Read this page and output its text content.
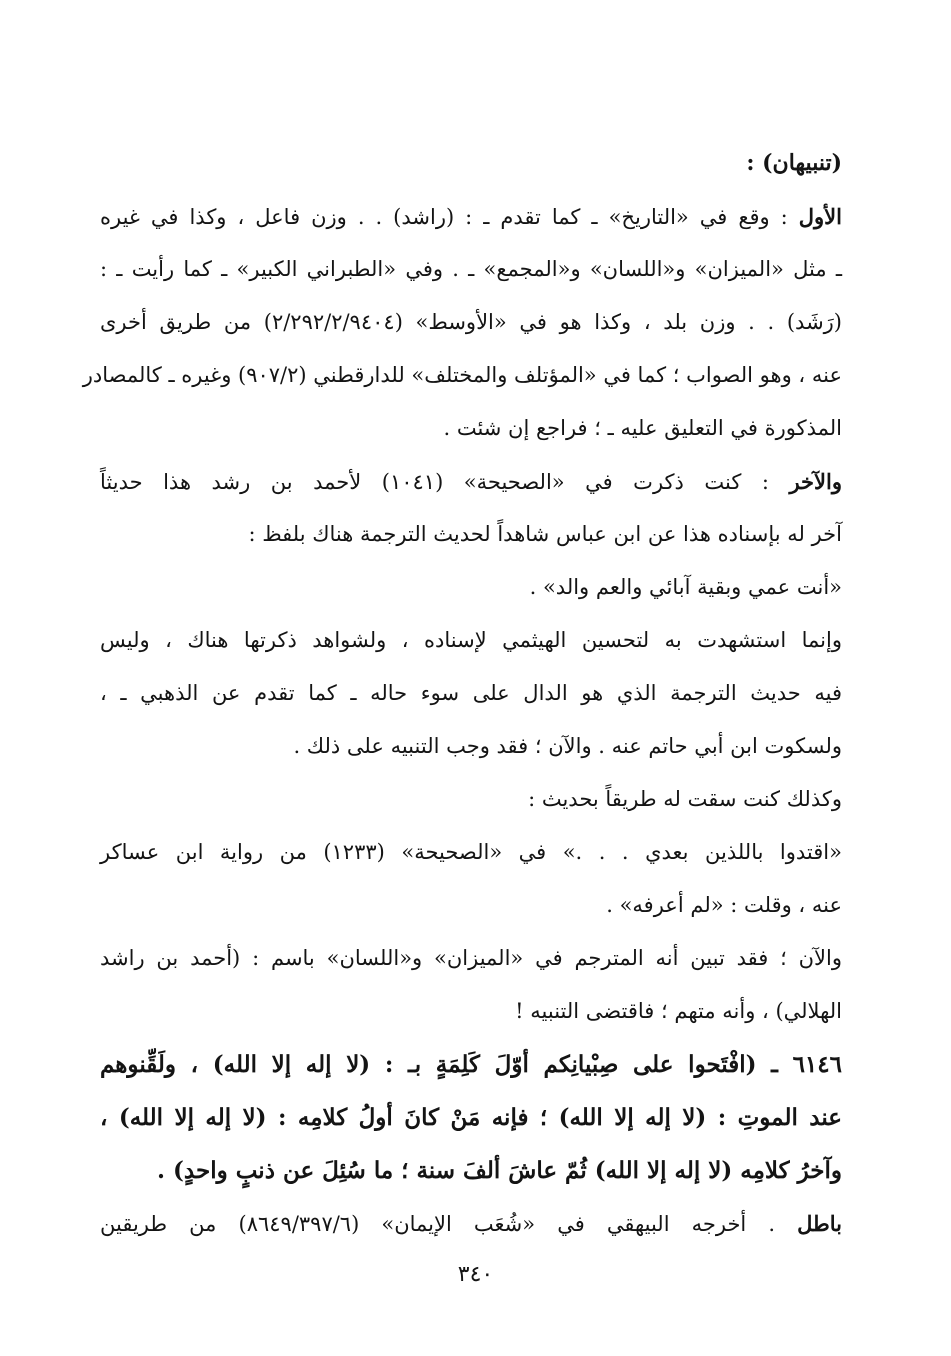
(تنبيهان) :
الأول : وقع في «التاريخ» ـ كما تقدم ـ : (راشد) . . وزن فاعل ، وكذا في غيره
ـ مثل «الميزان» و«اللسان» و«المجمع» ـ . وفي «الطبراني الكبير» ـ كما رأيت ـ :
(رَشَد) . . وزن بلد ، وكذا هو في «الأوسط» (٢/٢٩٢/٢/٩٤٠٤) من طريق أخرى
عنه ، وهو الصواب ؛ كما في «المؤتلف والمختلف» للدارقطني (٩٠٧/٢) وغيره ـ كالمصادر
المذكورة في التعليق عليه ـ ؛ فراجع إن شئت .
والآخر : كنت ذكرت في «الصحيحة» (١٠٤١) لأحمد بن رشد هذا حديثاً
آخر له بإسناده هذا عن ابن عباس شاهداً لحديث الترجمة هناك بلفظ :
«أنت عمي وبقية آبائي والعم والد» .
وإنما استشهدت به لتحسين الهيثمي لإسناده ، ولشواهد ذكرتها هناك ، وليس
فيه حديث الترجمة الذي هو الدال على سوء حاله ـ كما تقدم عن الذهبي ـ ،
ولسكوت ابن أبي حاتم عنه . والآن ؛ فقد وجب التنبيه على ذلك .
وكذلك كنت سقت له طريقاً بحديث :
«اقتدوا باللذين بعدي . . .» في «الصحيحة» (١٢٣٣) من رواية ابن عساكر
عنه ، وقلت : «لم أعرفه» .
والآن ؛ فقد تبين أنه المترجم في «الميزان» و«اللسان» باسم : (أحمد بن راشد
الهلالي) ، وأنه متهم ؛ فاقتضى التنبيه !
٦١٤٦ ـ (افْتَحوا على صِبْيانِكم أوّلَ كَلِمَةٍ بـ : (لا إله إلا الله) ، ولَقِّنوهم
عند الموتِ : (لا إله إلا الله) ؛ فإنه مَنْ كانَ أولُ كلامِه : (لا إله إلا الله) ،
وآخرُ كلامِه (لا إله إلا الله) ثُمّ عاشَ ألفَ سنة ؛ ما سُئِلَ عن ذنبٍ واحدٍ) .
باطل . أخرجه البيهقي في «شُعَب الإيمان» (٨٦٤٩/٣٩٧/٦) من طريقين
٣٤٠
